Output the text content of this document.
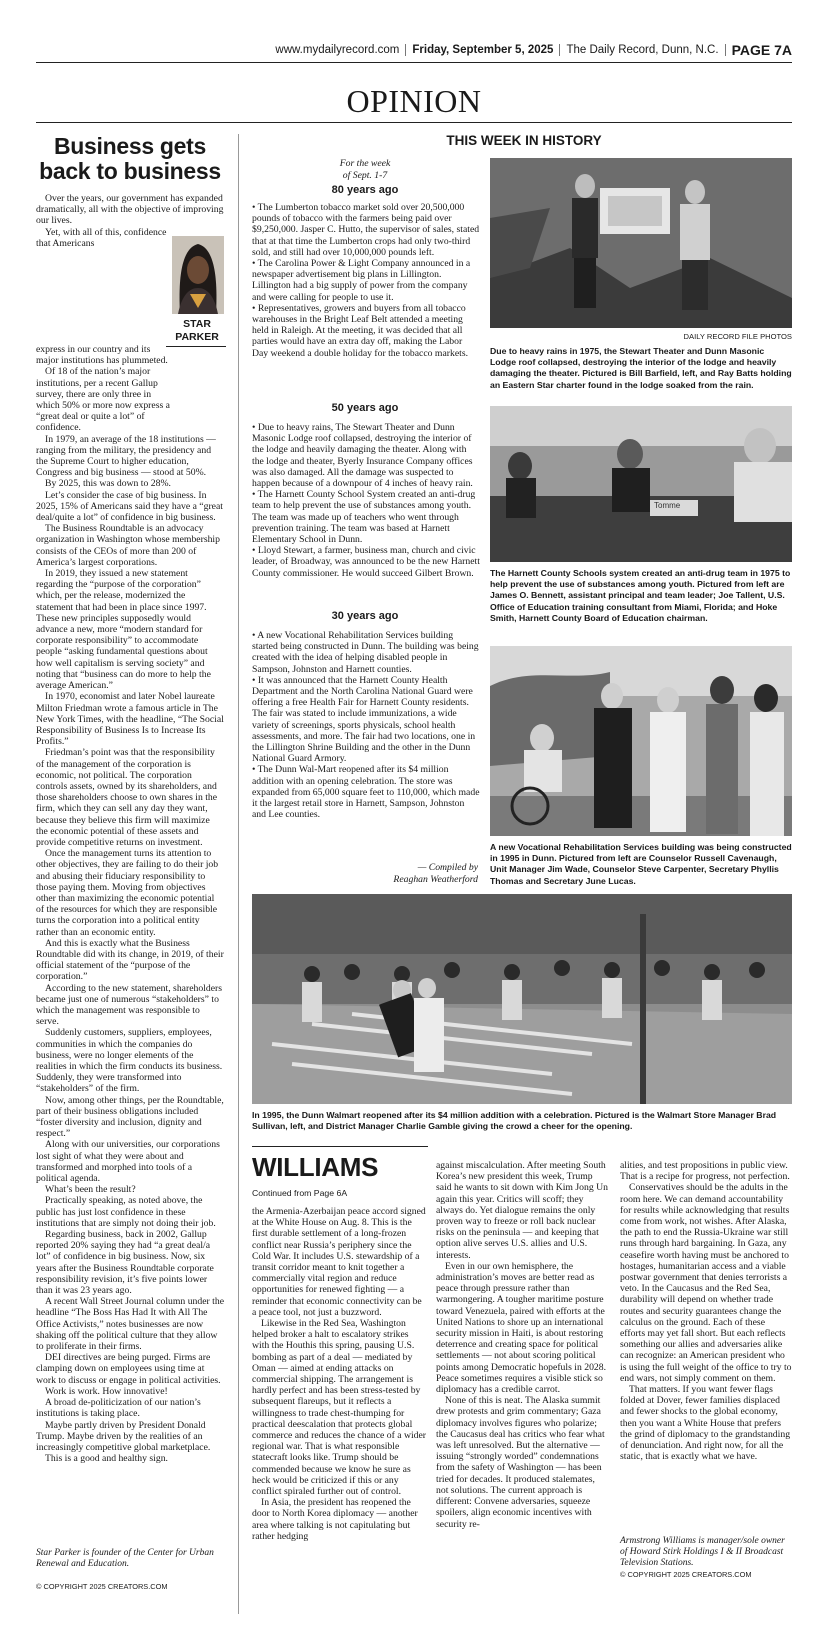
www.mydailyrecord.com Friday, September 5, 2025 The Daily Record, Dunn, N.C. PAGE 7A
OPINION
Business gets back to business

Over the years, our government has expanded dramatically, all with the objective of improving our lives.

Yet, with all of this, confidence that Americans

STAR PARKER

express in our country and its major institutions has plummeted.

Of 18 of the nation’s major institutions, per a recent Gallup survey, there are only three in which 50% or more now express a “great deal or quite a lot” of confidence.

In 1979, an average of the 18 institutions — ranging from the military, the presidency and the Supreme Court to higher education, Congress and big business — stood at 50%.

By 2025, this was down to 28%.

Let’s consider the case of big business. In 2025, 15% of Americans said they have a “great deal/quite a lot” of confidence in big business.

The Business Roundtable is an advocacy organization in Washington whose membership consists of the CEOs of more than 200 of America’s largest corporations.

In 2019, they issued a new statement regarding the “purpose of the corporation” which, per the release, modernized the statement that had been in place since 1997. These new principles supposedly would advance a new, more “modern standard for corporate responsibility” to accommodate people “asking fundamental questions about how well capitalism is serving society” and noting that “business can do more to help the average American.”

In 1970, economist and later Nobel laureate Milton Friedman wrote a famous article in The New York Times, with the headline, “The Social Responsibility of Business Is to Increase Its Profits.”

Friedman’s point was that the responsibility of the management of the corporation is economic, not political. The corporation controls assets, owned by its shareholders, and those shareholders choose to own shares in the firm, which they can sell any day they want, because they believe this firm will maximize the economic potential of these assets and provide competitive returns on investment.

Once the management turns its attention to other objectives, they are failing to do their job and abusing their fiduciary responsibility to those paying them. Moving from objectives other than maximizing the economic potential of the resources for which they are responsible turns the corporation into a political entity rather than an economic entity.

And this is exactly what the Business Roundtable did with its change, in 2019, of their official statement of the “purpose of the corporation.”

According to the new statement, shareholders became just one of numerous “stakeholders” to which the management was responsible to serve.

Suddenly customers, suppliers, employees, communities in which the companies do business, were no longer elements of the realities in which the firm conducts its business. Suddenly, they were transformed into “stakeholders” of the firm.

Now, among other things, per the Roundtable, part of their business obligations included “foster diversity and inclusion, dignity and respect.”

Along with our universities, our corporations lost sight of what they were about and transformed and morphed into tools of a political agenda.

What’s been the result?

Practically speaking, as noted above, the public has just lost confidence in these institutions that are simply not doing their job.

Regarding business, back in 2002, Gallup reported 20% saying they had “a great deal/a lot” of confidence in big business. Now, six years after the Business Roundtable corporate responsibility revision, it’s five points lower than it was 23 years ago.

A recent Wall Street Journal column under the headline “The Boss Has Had It with All The Office Activists,” notes businesses are now shaking off the political culture that they allow to proliferate in their firms.

DEI directives are being purged. Firms are clamping down on employees using time at work to discuss or engage in political activities.

Work is work. How innovative!

A broad de-politicization of our nation’s institutions is taking place.

Maybe partly driven by President Donald Trump. Maybe driven by the realities of an increasingly competitive global marketplace.

This is a good and healthy sign.

Star Parker is founder of the Center for Urban Renewal and Education.
© COPYRIGHT 2025 CREATORS.COM
THIS WEEK IN HISTORY
For the week
of Sept. 1-7
80 years ago

• The Lumberton tobacco market sold over 20,500,000 pounds of tobacco with the farmers being paid over $9,250,000. Jasper C. Hutto, the supervisor of sales, stated that at that time the Lumberton crops had only two-third sold, and still had over 10,000,000 pounds left.

• The Carolina Power & Light Company announced in a newspaper advertisement big plans in Lillington. Lillington had a big supply of power from the company and were calling for people to use it.

• Representatives, growers and buyers from all tobacco warehouses in the Bright Leaf Belt attended a meeting held in Raleigh. At the meeting, it was decided that all parties would have an extra day off, making the Labor Day weekend a double holiday for the tobacco markets.

50 years ago

• Due to heavy rains, The Stewart Theater and Dunn Masonic Lodge roof collapsed, destroying the interior of the lodge and heavily damaging the theater. Along with the lodge and theater, Byerly Insurance Company offices was also damaged. All the damage was suspected to happen because of a downpour of 4 inches of heavy rain.

• The Harnett County School System created an anti-drug team to help prevent the use of substances among youth. The team was made up of teachers who went through prevention training. The team was based at Harnett Elementary School in Dunn.

• Lloyd Stewart, a farmer, business man, church and civic leader, of Broadway, was announced to be the new Harnett County commissioner. He would succeed Gilbert Brown.

30 years ago

• A new Vocational Rehabilitation Services building started being constructed in Dunn. The building was being created with the idea of helping disabled people in Sampson, Johnston and Harnett counties.

• It was announced that the Harnett County Health Department and the North Carolina National Guard were offering a free Health Fair for Harnett County residents. The fair was stated to include immunizations, a wide variety of screenings, sports physicals, school health assessments, and more. The fair had two locations, one in the Lillington Shrine Building and the other in the Dunn National Guard Armory.

• The Dunn Wal-Mart reopened after its $4 million addition with an opening celebration. The store was expanded from 65,000 square feet to 110,000, which made it the largest retail store in Harnett, Sampson, Johnston and Lee counties.

— Compiled by
Reaghan Weatherford
DAILY RECORD FILE PHOTOS
Due to heavy rains in 1975, the Stewart Theater and Dunn Masonic Lodge roof collapsed, destroying the interior of the lodge and heavily damaging the theater. Pictured is Bill Barfield, left, and Ray Batts holding an Eastern Star charter found in the lodge soaked from the rain.
Tomme
The Harnett County Schools system created an anti-drug team in 1975 to help prevent the use of substances among youth. Pictured from left are James O. Bennett, assistant principal and team leader; Joe Tallent, U.S. Office of Education training consultant from Miami, Florida; and Hoke Smith, Harnett County Board of Education chairman.
A new Vocational Rehabilitation Services building was being constructed in 1995 in Dunn. Pictured from left are Counselor Russell Cavenaugh, Unit Manager Jim Wade, Counselor Steve Carpenter, Secretary Phyllis Thomas and Secretary June Lucas.
In 1995, the Dunn Walmart reopened after its $4 million addition with a celebration. Pictured is the Walmart Store Manager Brad Sullivan, left, and District Manager Charlie Gamble giving the crowd a cheer for the opening.
WILLIAMS
Continued from Page 6A

the Armenia-Azerbaijan peace accord signed at the White House on Aug. 8. This is the first durable settlement of a long-frozen conflict near Russia’s periphery since the Cold War. It includes U.S. stewardship of a transit corridor meant to knit together a commercially vital region and reduce opportunities for renewed fighting — a reminder that economic connectivity can be a peace tool, not just a buzzword.

Likewise in the Red Sea, Washington helped broker a halt to escalatory strikes with the Houthis this spring, pausing U.S. bombing as part of a deal — mediated by Oman — aimed at ending attacks on commercial shipping. The arrangement is hardly perfect and has been stress-tested by subsequent flareups, but it reflects a willingness to trade chest-thumping for practical deescalation that protects global commerce and reduces the chance of a wider regional war. That is what responsible statecraft looks like. Trump should be commended because we know he sure as heck would be criticized if this or any conflict spiraled further out of control.

In Asia, the president has reopened the door to North Korea diplomacy — another area where talking is not capitulating but rather hedging

against miscalculation. After meeting South Korea’s new president this week, Trump said he wants to sit down with Kim Jong Un again this year. Critics will scoff; they always do. Yet dialogue remains the only proven way to freeze or roll back nuclear risks on the peninsula — and keeping that option alive serves U.S. allies and U.S. interests.

Even in our own hemisphere, the administration’s moves are better read as peace through pressure rather than warmongering. A tougher maritime posture toward Venezuela, paired with efforts at the United Nations to shore up an international security mission in Haiti, is about restoring deterrence and creating space for political settlements — not about scoring political points among Democratic hopefuls in 2028. Peace sometimes requires a visible stick so diplomacy has a credible carrot.

None of this is neat. The Alaska summit drew protests and grim commentary; Gaza diplomacy involves figures who polarize; the Caucasus deal has critics who fear what was left unresolved. But the alternative — issuing “strongly worded” condemnations from the safety of Washington — has been tried for decades. It produced stalemates, not solutions. The current approach is different: Convene adversaries, squeeze spoilers, align economic incentives with security re-

alities, and test propositions in public view. That is a recipe for progress, not perfection.

Conservatives should be the adults in the room here. We can demand accountability for results while acknowledging that results come from work, not wishes. After Alaska, the path to end the Russia-Ukraine war still runs through hard bargaining. In Gaza, any ceasefire worth having must be anchored to hostages, humanitarian access and a viable postwar government that denies terrorists a veto. In the Caucasus and the Red Sea, durability will depend on whether trade routes and security guarantees change the calculus on the ground. Each of these efforts may yet fall short. But each reflects something our allies and adversaries alike can recognize: an American president who is using the full weight of the office to try to end wars, not simply comment on them.

That matters. If you want fewer flags folded at Dover, fewer families displaced and fewer shocks to the global economy, then you want a White House that prefers the grind of diplomacy to the grandstanding of denunciation. And right now, for all the static, that is exactly what we have.

Armstrong Williams is manager/sole owner of Howard Stirk Holdings I & II Broadcast Television Stations.
© COPYRIGHT 2025 CREATORS.COM
